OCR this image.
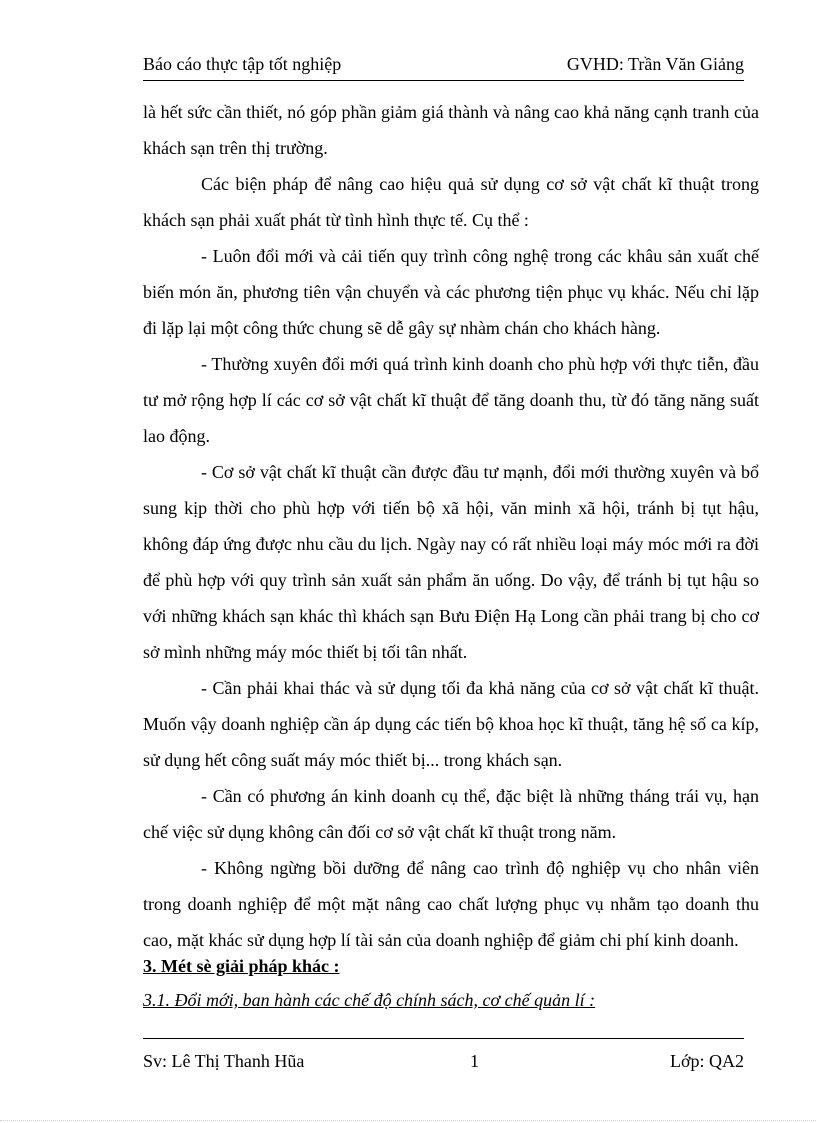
Báo cáo thực tập tốt nghiệp	GVHD: Trần Văn Giảng

là hết sức cần thiết, nó góp phần giảm giá thành và nâng cao khả năng cạnh tranh của khách sạn trên thị trường.

Các biện pháp để nâng cao hiệu quả sử dụng cơ sở vật chất kĩ thuật trong khách sạn phải xuất phát từ tình hình thực tế. Cụ thể :

- Luôn đổi mới và cải tiến quy trình công nghệ trong các khâu sản xuất chế biến món ăn, phương tiên vận chuyển và các phương tiện phục vụ khác. Nếu chỉ lặp đi lặp lại một công thức chung sẽ dễ gây sự nhàm chán cho khách hàng.

- Thường xuyên đổi mới quá trình kinh doanh cho phù hợp với thực tiễn, đầu tư mở rộng hợp lí các cơ sở vật chất kĩ thuật để tăng doanh thu, từ đó tăng năng suất lao động.

- Cơ sở vật chất kĩ thuật cần được đầu tư mạnh, đổi mới thường xuyên và bổ sung kịp thời cho phù hợp với tiến bộ xã hội, văn minh xã hội, tránh bị tụt hậu, không đáp ứng được nhu cầu du lịch. Ngày nay có rất nhiều loại máy móc mới ra đời để phù hợp với quy trình sản xuất sản phẩm ăn uống. Do vậy, để tránh bị tụt hậu so với những khách sạn khác thì khách sạn Bưu Điện Hạ Long cần phải trang bị cho cơ sở mình những máy móc thiết bị tối tân nhất.

- Cần phải khai thác và sử dụng tối đa khả năng của cơ sở vật chất kĩ thuật. Muốn vậy doanh nghiệp cần áp dụng các tiến bộ khoa học kĩ thuật, tăng hệ số ca kíp, sử dụng hết công suất máy móc thiết bị... trong khách sạn.

- Cần có phương án kinh doanh cụ thể, đặc biệt là những tháng trái vụ, hạn chế việc sử dụng không cân đối cơ sở vật chất kĩ thuật trong năm.

- Không ngừng bồi dưỡng để nâng cao trình độ nghiệp vụ cho nhân viên trong doanh nghiệp để một mặt nâng cao chất lượng phục vụ nhằm tạo doanh thu cao, mặt khác sử dụng hợp lí tài sản của doanh nghiệp để giảm chi phí kinh doanh.

3. Mét sè giải pháp khác :
3.1. Đổi mới, ban hành các chế độ chính sách, cơ chế quản lí :
Sv: Lê Thị Thanh Hũa	1	Lớp: QA2
